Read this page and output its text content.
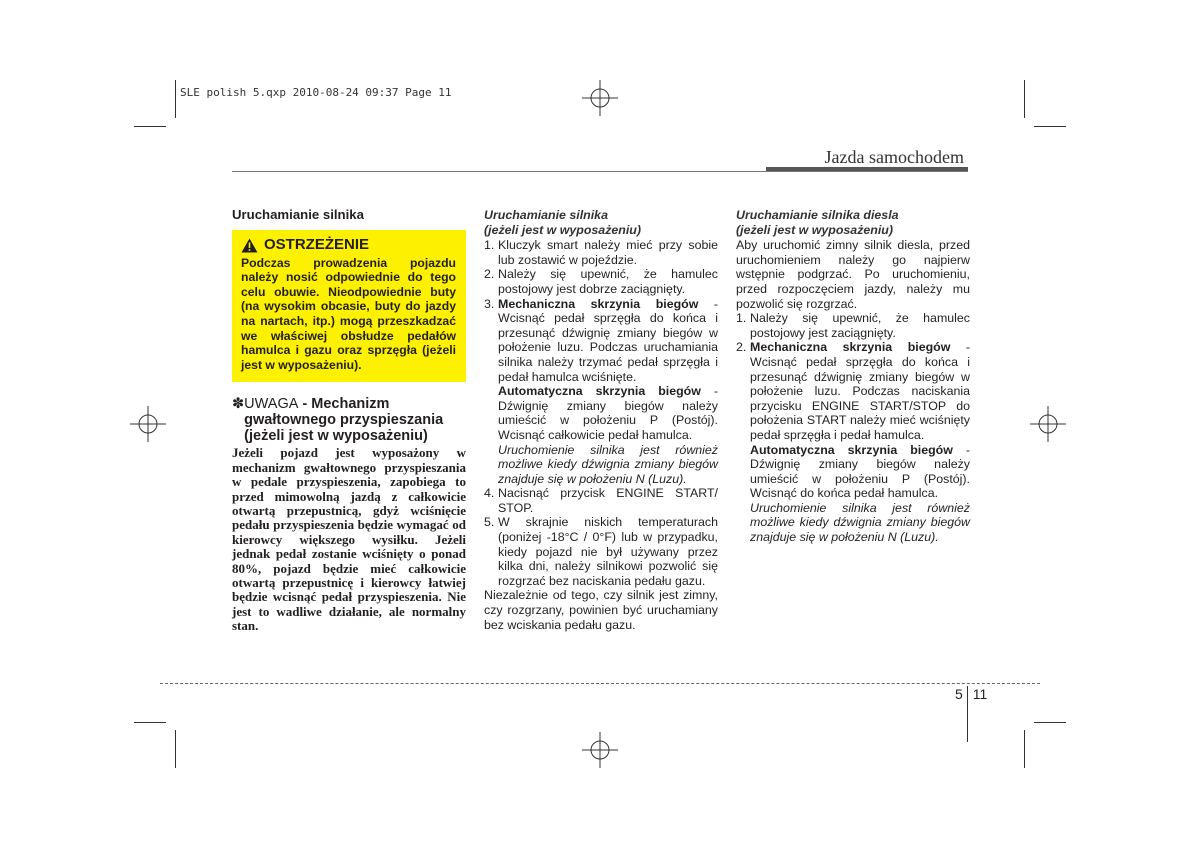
SLE polish 5.qxp 2010-08-24 09:37 Page 11
Jazda samochodem
Uruchamianie silnika
OSTRZEŻENIE
Podczas prowadzenia pojazdu należy nosić odpowiednie do tego celu obuwie. Nieodpowiednie buty (na wysokim obcasie, buty do jazdy na nartach, itp.) mogą przeszkadzać we właściwej obsłudze pedałów hamulca i gazu oraz sprzęgła (jeżeli jest w wyposażeniu).
✽ UWAGA - Mechanizm gwałtownego przyspieszania (jeżeli jest w wyposażeniu)
Jeżeli pojazd jest wyposażony w mechanizm gwałtownego przyspieszania w pedale przyspieszenia, zapobiega to przed mimowolną jazdą z całkowicie otwartą przepustnicą, gdyż wciśnięcie pedału przyspieszenia będzie wymagać od kierowcy większego wysiłku. Jeżeli jednak pedał zostanie wciśnięty o ponad 80%, pojazd będzie mieć całkowicie otwartą przepustnicę i kierowcy łatwiej będzie wcisnąć pedał przyspieszenia. Nie jest to wadliwe działanie, ale normalny stan.
Uruchamianie silnika
(jeżeli jest w wyposażeniu)
1. Kluczyk smart należy mieć przy sobie lub zostawić w pojeździe.
2. Należy się upewnić, że hamulec postojowy jest dobrze zaciągnięty.
3. Mechaniczna skrzynia biegów - Wcisnąć pedał sprzęgła do końca i przesunąć dźwignię zmiany biegów w położenie luzu. Podczas uruchamiania silnika należy trzymać pedał sprzęgła i pedał hamulca wciśnięte.
Automatyczna skrzynia biegów - Dźwignię zmiany biegów należy umieścić w położeniu P (Postój). Wcisnąć całkowicie pedał hamulca.
Uruchomienie silnika jest również możliwe kiedy dźwignia zmiany biegów znajduje się w położeniu N (Luzu).
4. Nacisnąć przycisk ENGINE START/ STOP.
5. W skrajnie niskich temperaturach (poniżej -18°C / 0°F) lub w przypadku, kiedy pojazd nie był używany przez kilka dni, należy silnikowi pozwolić się rozgrzać bez naciskania pedału gazu.
Niezależnie od tego, czy silnik jest zimny, czy rozgrzany, powinien być uruchamiany bez wciskania pedału gazu.
Uruchamianie silnika diesla
(jeżeli jest w wyposażeniu)
Aby uruchomić zimny silnik diesla, przed uruchomieniem należy go najpierw wstępnie podgrzać. Po uruchomieniu, przed rozpoczęciem jazdy, należy mu pozwolić się rozgrzać.
1. Należy się upewnić, że hamulec postojowy jest zaciągnięty.
2. Mechaniczna skrzynia biegów - Wcisnąć pedał sprzęgła do końca i przesunąć dźwignię zmiany biegów w położenie luzu. Podczas naciskania przycisku ENGINE START/STOP do położenia START należy mieć wciśnięty pedał sprzęgła i pedał hamulca.
Automatyczna skrzynia biegów - Dźwignię zmiany biegów należy umieścić w położeniu P (Postój). Wcisnąć do końca pedał hamulca.
Uruchomienie silnika jest również możliwe kiedy dźwignia zmiany biegów znajduje się w położeniu N (Luzu).
5 11
